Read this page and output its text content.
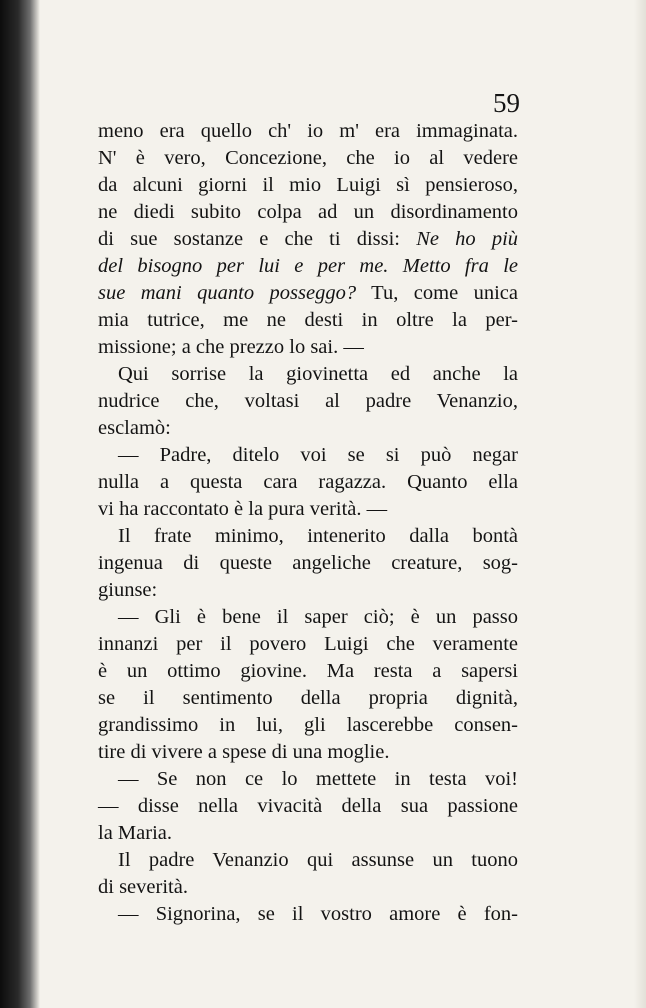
59
meno era quello ch' io m' era immaginata.
N' è vero, Concezione, che io al vedere
da alcuni giorni il mio Luigi sì pensieroso,
ne diedi subito colpa ad un disordinamento
di sue sostanze e che ti dissi: Ne ho più
del bisogno per lui e per me. Metto fra le
sue mani quanto posseggo? Tu, come unica
mia tutrice, me ne desti in oltre la per-
missione; a che prezzo lo sai. —
Qui sorrise la giovinetta ed anche la
nudrice che, voltasi al padre Venanzio,
esclamò:
— Padre, ditelo voi se si può negar
nulla a questa cara ragazza. Quanto ella
vi ha raccontato è la pura verità. —
Il frate minimo, intenerito dalla bontà
ingenua di queste angeliche creature, sog-
giunse:
— Gli è bene il saper ciò; è un passo
innanzi per il povero Luigi che veramente
è un ottimo giovine. Ma resta a sapersi
se il sentimento della propria dignità,
grandissimo in lui, gli lascerebbe consen-
tire di vivere a spese di una moglie.
— Se non ce lo mettete in testa voi!
— disse nella vivacità della sua passione
la Maria.
Il padre Venanzio qui assunse un tuono
di severità.
— Signorina, se il vostro amore è fon-
